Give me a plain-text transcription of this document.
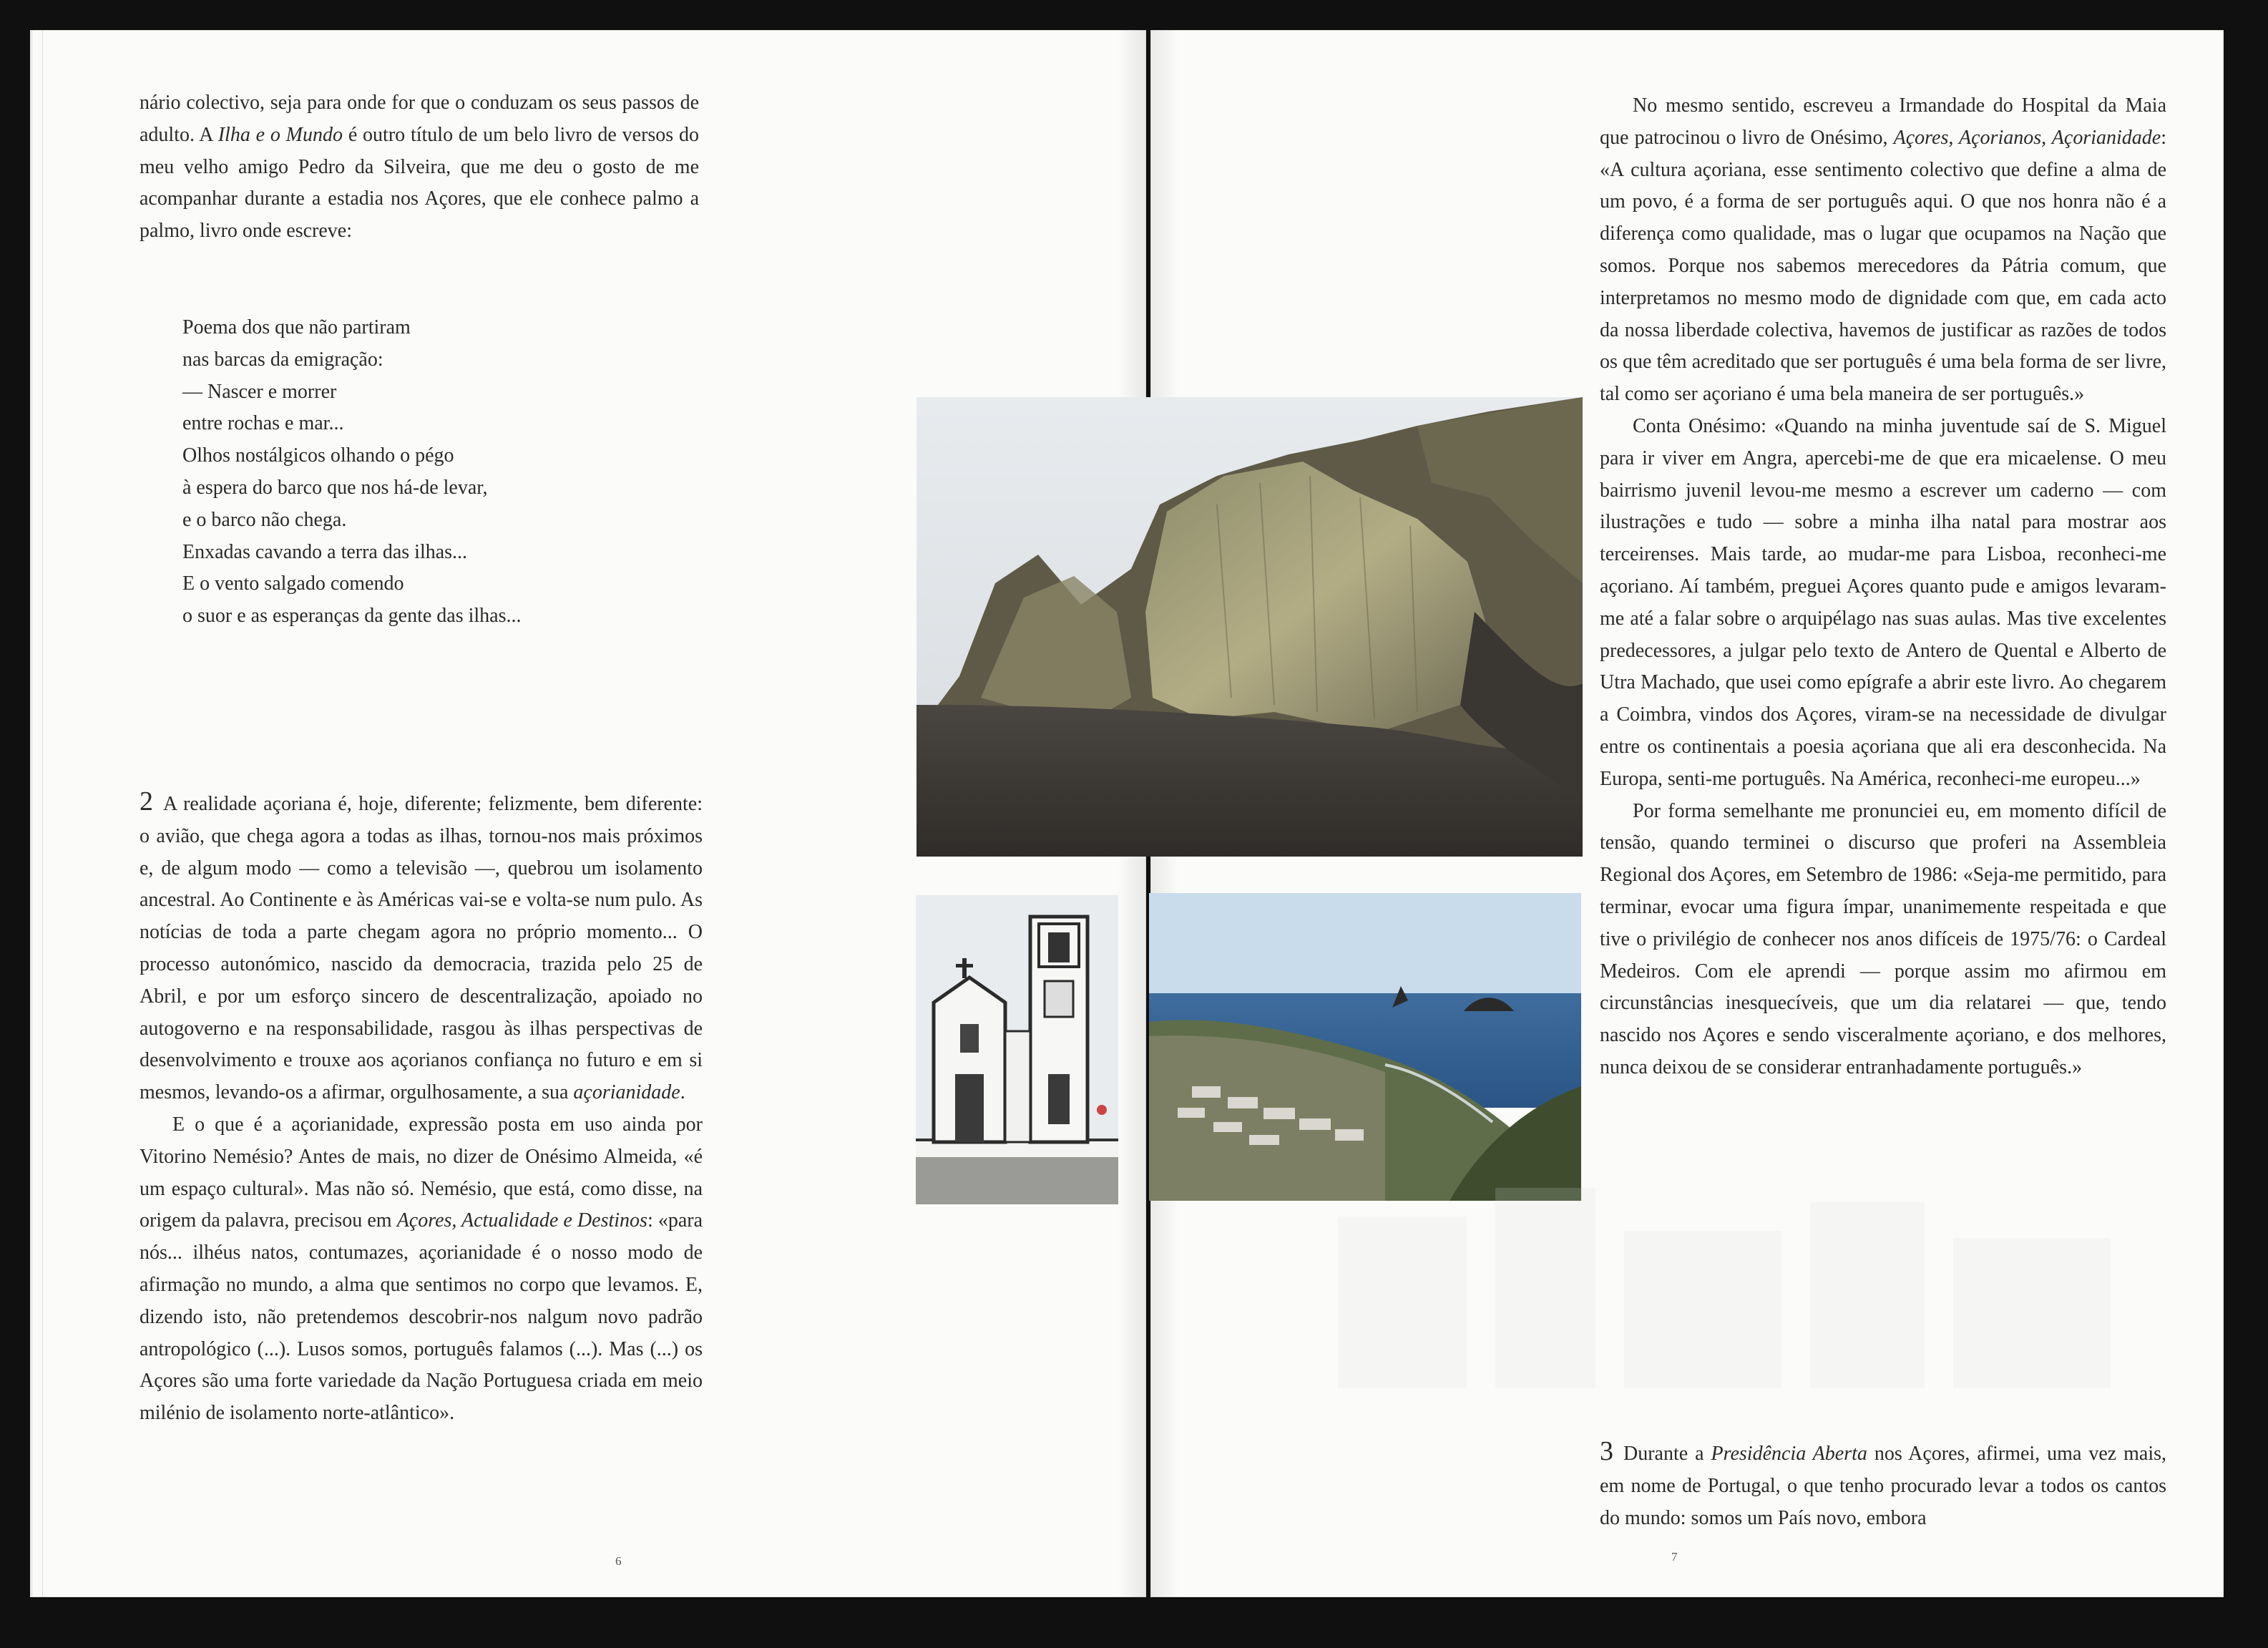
nário colectivo, seja para onde for que o conduzam os seus passos de adulto. A Ilha e o Mundo é outro título de um belo livro de versos do meu velho amigo Pedro da Silveira, que me deu o gosto de me acompanhar durante a estadia nos Açores, que ele conhece palmo a palmo, livro onde escreve:

Poema dos que não partiram
nas barcas da emigração:
— Nascer e morrer
entre rochas e mar...
Olhos nostálgicos olhando o pégo
à espera do barco que nos há-de levar,
e o barco não chega.
Enxadas cavando a terra das ilhas...
E o vento salgado comendo
o suor e as esperanças da gente das ilhas...

2 A realidade açoriana é, hoje, diferente; felizmente, bem diferente: o avião, que chega agora a todas as ilhas, tornou-nos mais próximos e, de algum modo — como a televisão —, quebrou um isolamento ancestral. Ao Continente e às Américas vai-se e volta-se num pulo. As notícias de toda a parte chegam agora no próprio momento... O processo autonómico, nascido da democracia, trazida pelo 25 de Abril, e por um esforço sincero de descentralização, apoiado no autogoverno e na responsabilidade, rasgou às ilhas perspectivas de desenvolvimento e trouxe aos açorianos confiança no futuro e em si mesmos, levando-os a afirmar, orgulhosamente, a sua açorianidade.

E o que é a açorianidade, expressão posta em uso ainda por Vitorino Nemésio? Antes de mais, no dizer de Onésimo Almeida, «é um espaço cultural». Mas não só. Nemésio, que está, como disse, na origem da palavra, precisou em Açores, Actualidade e Destinos: «para nós... ilhéus natos, contumazes, açorianidade é o nosso modo de afirmação no mundo, a alma que sentimos no corpo que levamos. E, dizendo isto, não pretendemos descobrir-nos nalgum novo padrão antropológico (...). Lusos somos, português falamos (...). Mas (...) os Açores são uma forte variedade da Nação Portuguesa criada em meio milénio de isolamento norte-atlântico».

6

No mesmo sentido, escreveu a Irmandade do Hospital da Maia que patrocinou o livro de Onésimo, Açores, Açorianos, Açorianidade: «A cultura açoriana, esse sentimento colectivo que define a alma de um povo, é a forma de ser português aqui. O que nos honra não é a diferença como qualidade, mas o lugar que ocupamos na Nação que somos. Porque nos sabemos merecedores da Pátria comum, que interpretamos no mesmo modo de dignidade com que, em cada acto da nossa liberdade colectiva, havemos de justificar as razões de todos os que têm acreditado que ser português é uma bela forma de ser livre, tal como ser açoriano é uma bela maneira de ser português.»

Conta Onésimo: «Quando na minha juventude saí de S. Miguel para ir viver em Angra, apercebi-me de que era micaelense. O meu bairrismo juvenil levou-me mesmo a escrever um caderno — com ilustrações e tudo — sobre a minha ilha natal para mostrar aos terceirenses. Mais tarde, ao mudar-me para Lisboa, reconheci-me açoriano. Aí também, preguei Açores quanto pude e amigos levaram-me até a falar sobre o arquipélago nas suas aulas. Mas tive excelentes predecessores, a julgar pelo texto de Antero de Quental e Alberto de Utra Machado, que usei como epígrafe a abrir este livro. Ao chegarem a Coimbra, vindos dos Açores, viram-se na necessidade de divulgar entre os continentais a poesia açoriana que ali era desconhecida. Na Europa, senti-me português. Na América, reconheci-me europeu...»

Por forma semelhante me pronunciei eu, em momento difícil de tensão, quando terminei o discurso que proferi na Assembleia Regional dos Açores, em Setembro de 1986: «Seja-me permitido, para terminar, evocar uma figura ímpar, unanimemente respeitada e que tive o privilégio de conhecer nos anos difíceis de 1975/76: o Cardeal Medeiros. Com ele aprendi — porque assim mo afirmou em circunstâncias inesquecíveis, que um dia relatarei — que, tendo nascido nos Açores e sendo visceralmente açoriano, e dos melhores, nunca deixou de se considerar entranhadamente português.»

3 Durante a Presidência Aberta nos Açores, afirmei, uma vez mais, em nome de Portugal, o que tenho procurado levar a todos os cantos do mundo: somos um País novo, embora

7
